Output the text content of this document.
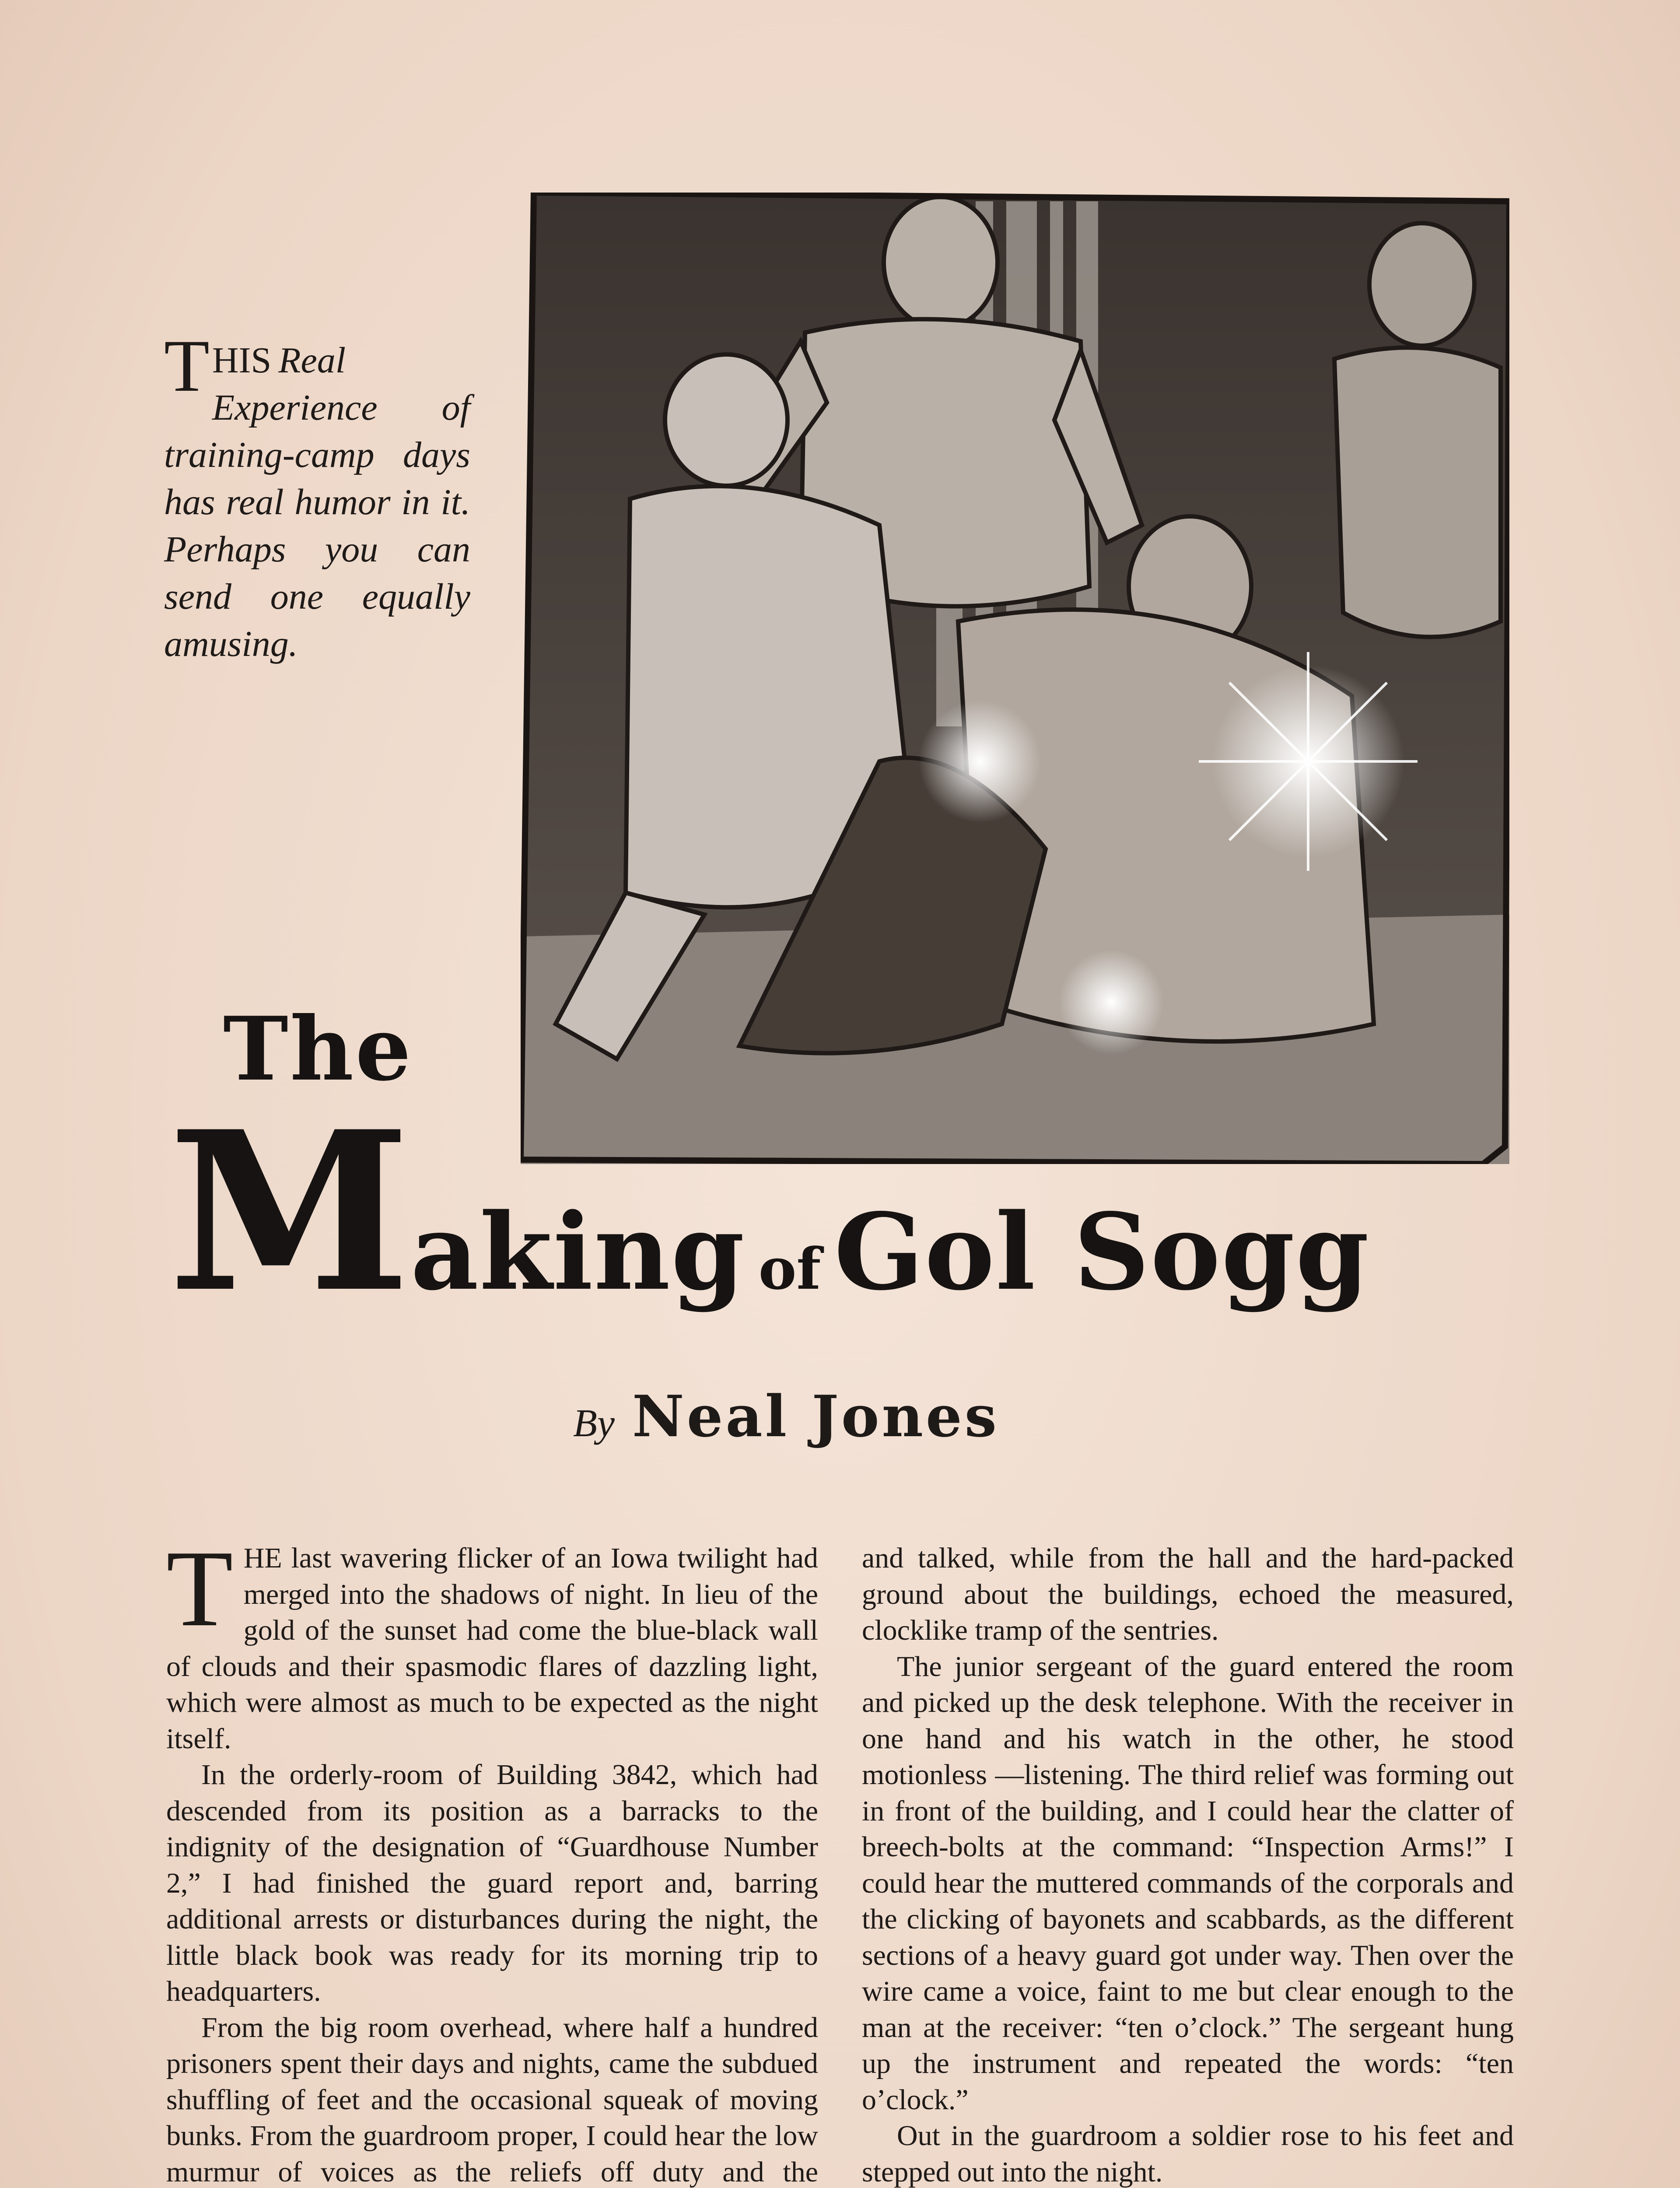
THIS Real Experience of training-camp days has real humor in it. Perhaps you can send one equally amusing.
The
Making of Gol Sogg
By Neal Jones

THE last wavering flicker of an Iowa twilight had merged into the shadows of night. In lieu of the gold of the sunset had come the blue-black wall of clouds and their spasmodic flares of dazzling light, which were almost as much to be expected as the night itself.

In the orderly-room of Building 3842, which had descended from its position as a barracks to the indignity of the designation of “Guardhouse Number 2,” I had finished the guard report and, barring additional arrests or disturbances during the night, the little black book was ready for its morning trip to headquarters.

From the big room overhead, where half a hundred prisoners spent their days and nights, came the subdued shuffling of feet and the occasional squeak of moving bunks. From the guardroom proper, I could hear the low murmur of voices as the reliefs off duty and the

and talked, while from the hall and the hard-packed ground about the buildings, echoed the measured, clocklike tramp of the sentries.

The junior sergeant of the guard entered the room and picked up the desk telephone. With the receiver in one hand and his watch in the other, he stood motionless —listening. The third relief was forming out in front of the building, and I could hear the clatter of breech-bolts at the command: “Inspection Arms!” I could hear the muttered commands of the corporals and the clicking of bayonets and scabbards, as the different sections of a heavy guard got under way. Then over the wire came a voice, faint to me but clear enough to the man at the receiver: “ten o’clock.” The sergeant hung up the instrument and repeated the words: “ten o’clock.”

Out in the guardroom a soldier rose to his feet and stepped out into the night.
